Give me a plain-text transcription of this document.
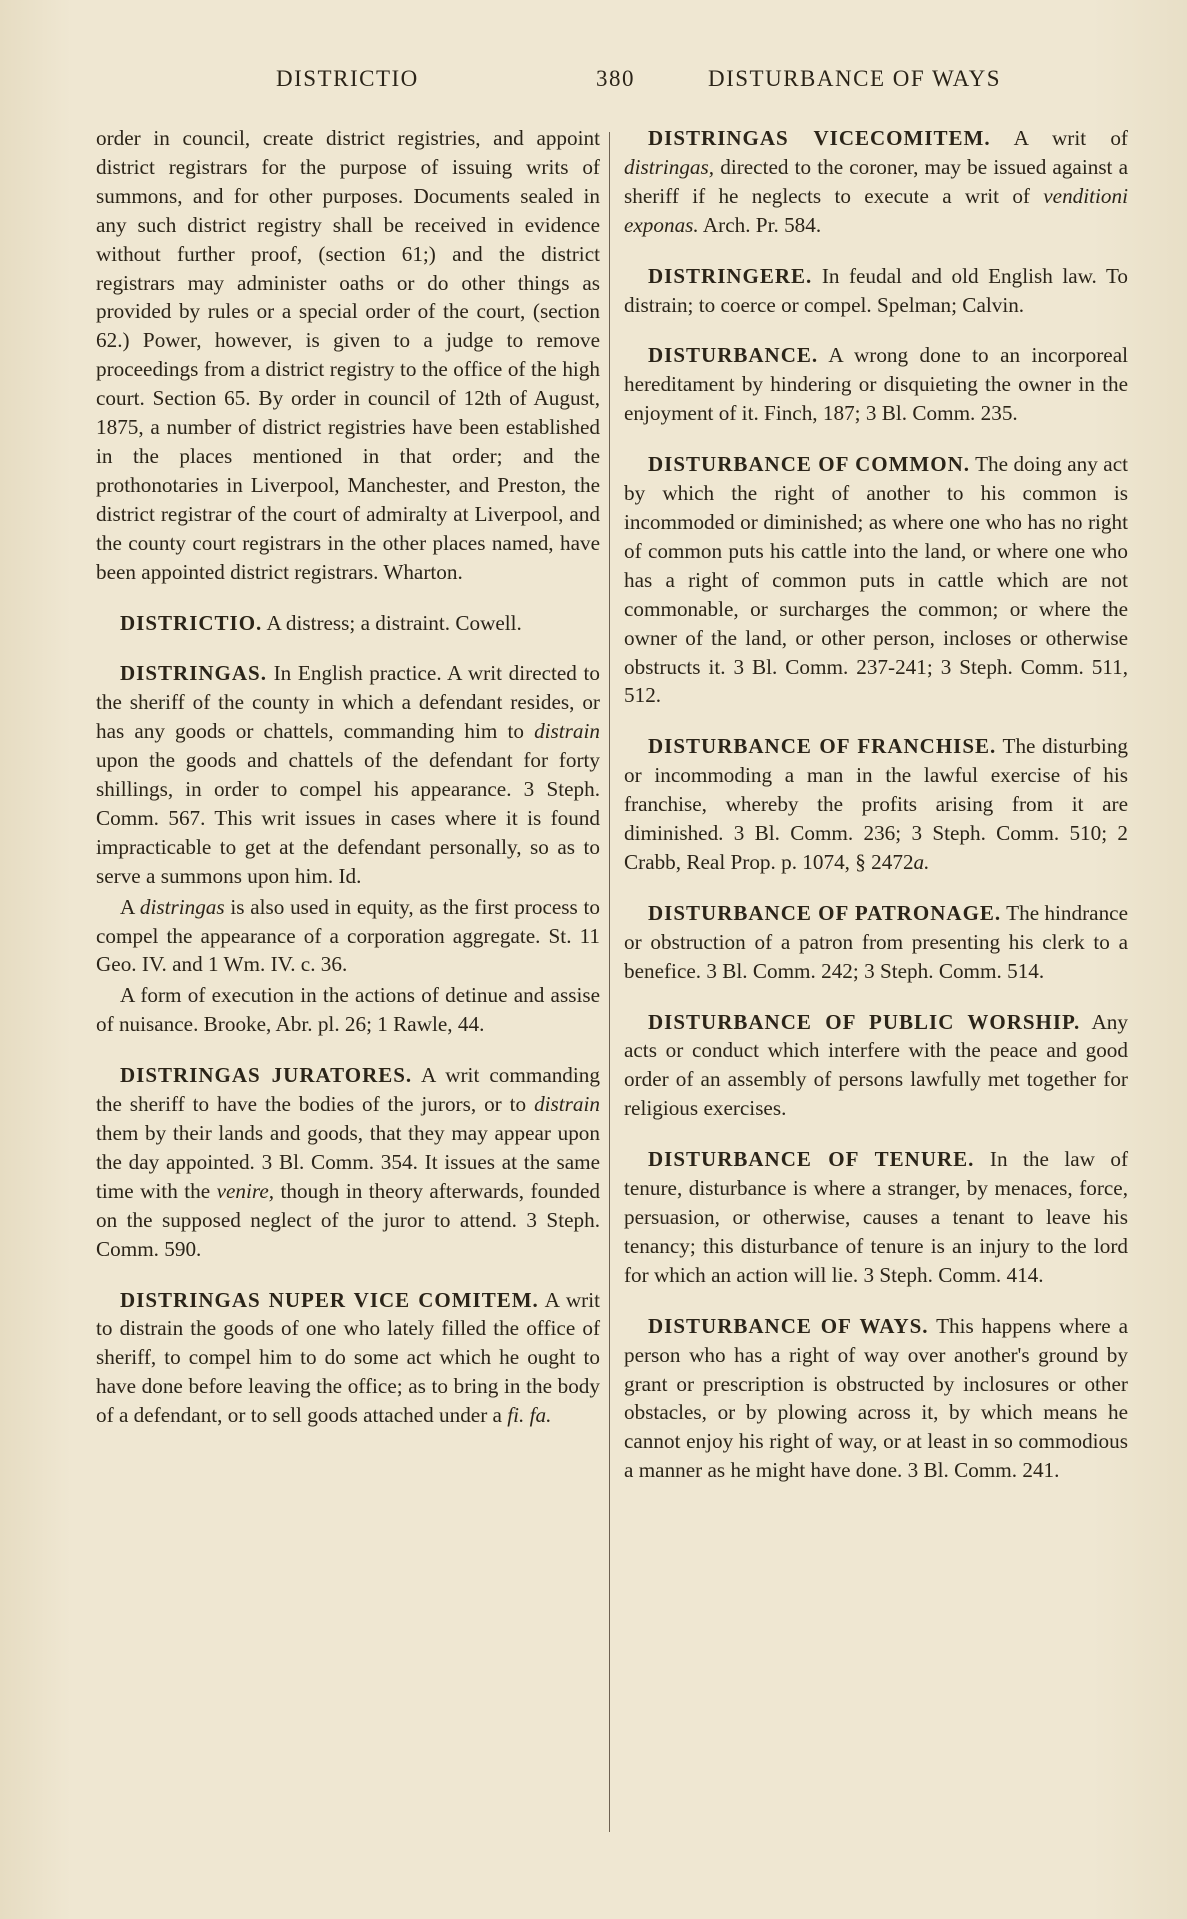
DISTRICTIO	380	DISTURBANCE OF WAYS

order in council, create district registries, and appoint district registrars for the purpose of issuing writs of summons, and for other purposes. Documents sealed in any such district registry shall be received in evidence without further proof, (section 61;) and the district registrars may administer oaths or do other things as provided by rules or a special order of the court, (section 62.) Power, however, is given to a judge to remove proceedings from a district registry to the office of the high court. Section 65. By order in council of 12th of August, 1875, a number of district registries have been established in the places mentioned in that order; and the prothonotaries in Liverpool, Manchester, and Preston, the district registrar of the court of admiralty at Liverpool, and the county court registrars in the other places named, have been appointed district registrars. Wharton.

DISTRICTIO. A distress; a distraint. Cowell.

DISTRINGAS. In English practice. A writ directed to the sheriff of the county in which a defendant resides, or has any goods or chattels, commanding him to distrain upon the goods and chattels of the defendant for forty shillings, in order to compel his appearance. 3 Steph. Comm. 567. This writ issues in cases where it is found impracticable to get at the defendant personally, so as to serve a summons upon him. Id.

A distringas is also used in equity, as the first process to compel the appearance of a corporation aggregate. St. 11 Geo. IV. and 1 Wm. IV. c. 36.

A form of execution in the actions of detinue and assise of nuisance. Brooke, Abr. pl. 26; 1 Rawle, 44.

DISTRINGAS JURATORES. A writ commanding the sheriff to have the bodies of the jurors, or to distrain them by their lands and goods, that they may appear upon the day appointed. 3 Bl. Comm. 354. It issues at the same time with the venire, though in theory afterwards, founded on the supposed neglect of the juror to attend. 3 Steph. Comm. 590.

DISTRINGAS NUPER VICE COMITEM. A writ to distrain the goods of one who lately filled the office of sheriff, to compel him to do some act which he ought to have done before leaving the office; as to bring in the body of a defendant, or to sell goods attached under a fi. fa.

DISTRINGAS VICECOMITEM. A writ of distringas, directed to the coroner, may be issued against a sheriff if he neglects to execute a writ of venditioni exponas. Arch. Pr. 584.

DISTRINGERE. In feudal and old English law. To distrain; to coerce or compel. Spelman; Calvin.

DISTURBANCE. A wrong done to an incorporeal hereditament by hindering or disquieting the owner in the enjoyment of it. Finch, 187; 3 Bl. Comm. 235.

DISTURBANCE OF COMMON. The doing any act by which the right of another to his common is incommoded or diminished; as where one who has no right of common puts his cattle into the land, or where one who has a right of common puts in cattle which are not commonable, or surcharges the common; or where the owner of the land, or other person, incloses or otherwise obstructs it. 3 Bl. Comm. 237-241; 3 Steph. Comm. 511, 512.

DISTURBANCE OF FRANCHISE. The disturbing or incommoding a man in the lawful exercise of his franchise, whereby the profits arising from it are diminished. 3 Bl. Comm. 236; 3 Steph. Comm. 510; 2 Crabb, Real Prop. p. 1074, § 2472a.

DISTURBANCE OF PATRONAGE. The hindrance or obstruction of a patron from presenting his clerk to a benefice. 3 Bl. Comm. 242; 3 Steph. Comm. 514.

DISTURBANCE OF PUBLIC WORSHIP. Any acts or conduct which interfere with the peace and good order of an assembly of persons lawfully met together for religious exercises.

DISTURBANCE OF TENURE. In the law of tenure, disturbance is where a stranger, by menaces, force, persuasion, or otherwise, causes a tenant to leave his tenancy; this disturbance of tenure is an injury to the lord for which an action will lie. 3 Steph. Comm. 414.

DISTURBANCE OF WAYS. This happens where a person who has a right of way over another's ground by grant or prescription is obstructed by inclosures or other obstacles, or by plowing across it, by which means he cannot enjoy his right of way, or at least in so commodious a manner as he might have done. 3 Bl. Comm. 241.
